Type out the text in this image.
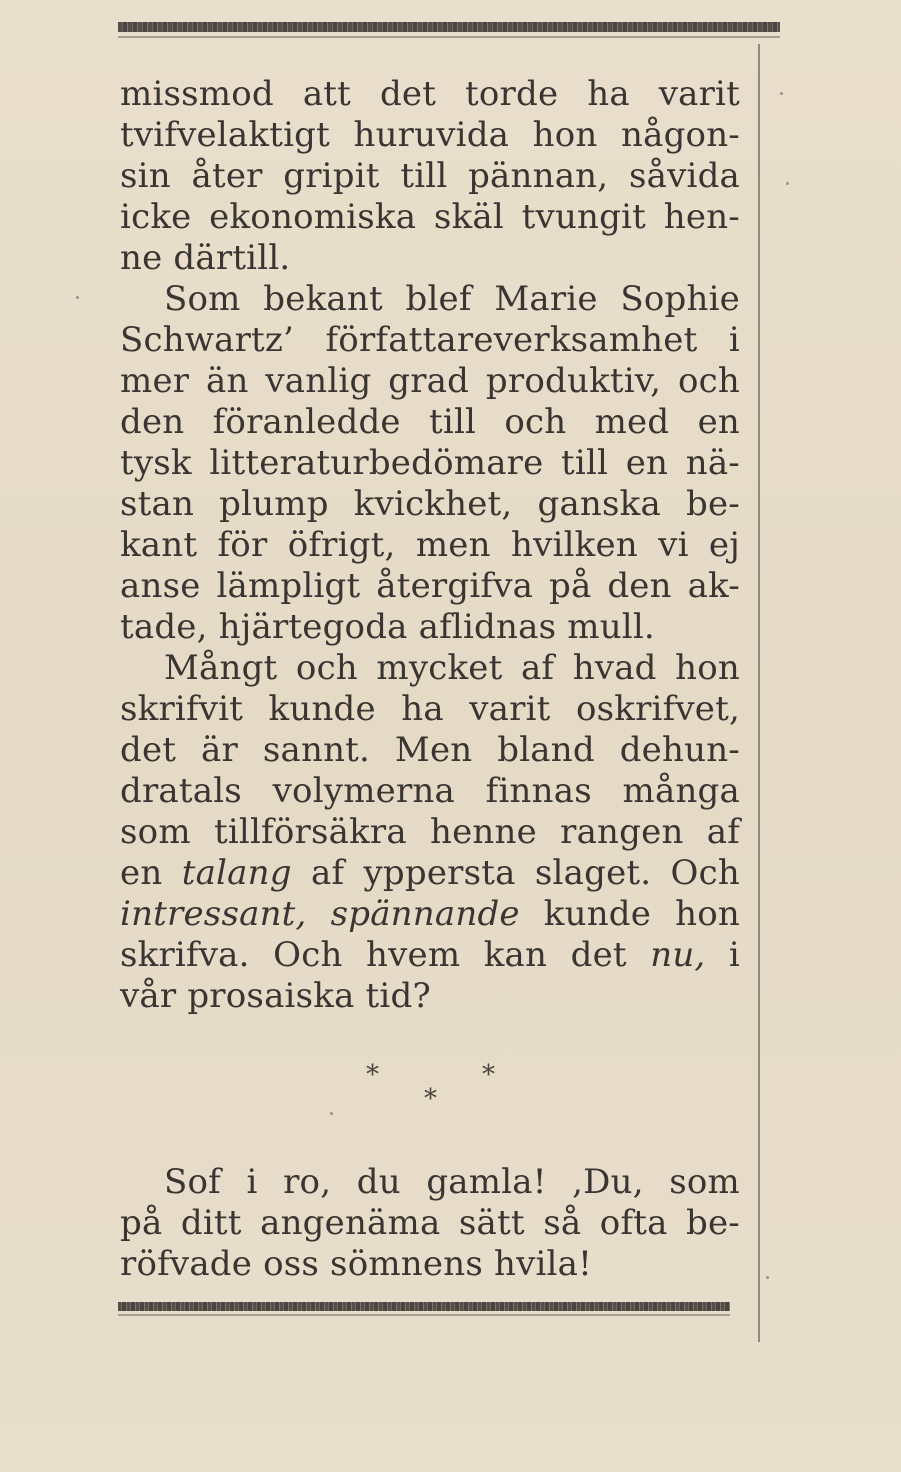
missmod att det torde ha varit
tvifvelaktigt huruvida hon någon-
sin åter gripit till pännan, såvida
icke ekonomiska skäl tvungit hen-
ne därtill.
Som bekant blef Marie Sophie
Schwartz’ författareverksamhet i
mer än vanlig grad produktiv, och
den föranledde till och med en
tysk litteraturbedömare till en nä-
stan plump kvickhet, ganska be-
kant för öfrigt, men hvilken vi ej
anse lämpligt återgifva på den ak-
tade, hjärtegoda aflidnas mull.
Mångt och mycket af hvad hon
skrifvit kunde ha varit oskrifvet,
det är sannt. Men bland dehun-
dratals volymerna finnas många
som tillförsäkra henne rangen af
en talang af yppersta slaget. Och
intressant, spännande kunde hon
skrifva. Och hvem kan det nu, i
vår prosaiska tid?
*	*
*
Sof i ro, du gamla! ,Du, som
på ditt angenäma sätt så ofta be-
röfvade oss sömnens hvila!
